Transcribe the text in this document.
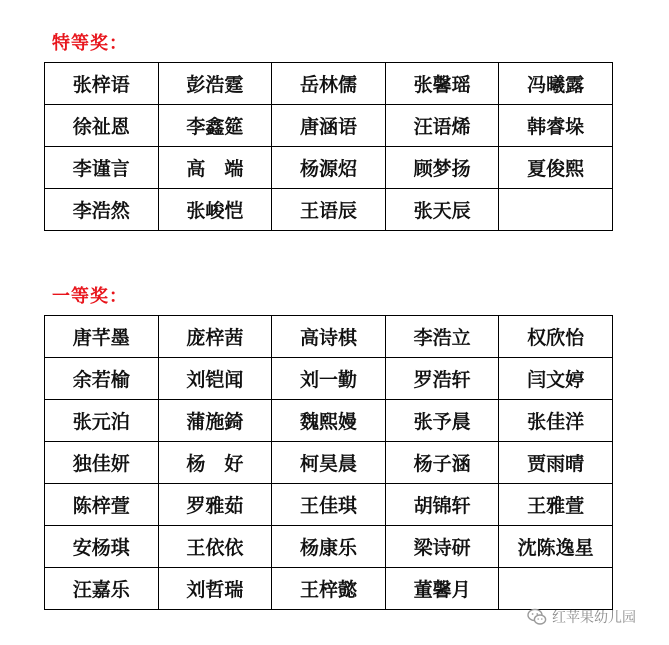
特等奖：
张梓语	彭浩霆	岳林儒	张馨瑶	冯曦露
徐祉恩	李鑫筵	唐涵语	汪语烯	韩睿垛
李谨言	高　端	杨源炤	顾梦扬	夏俊熙
李浩然	张峻恺	王语辰	张天辰	
一等奖：
唐芊墨	庞梓茜	高诗棋	李浩立	权欣怡
余若榆	刘铠闻	刘一勤	罗浩轩	闫文婷
张元泊	蒲施錡	魏熙嫚	张予晨	张佳洋
独佳妍	杨　好	柯昊晨	杨子涵	贾雨晴
陈梓萱	罗雅茹	王佳琪	胡锦轩	王雅萱
安杨琪	王依依	杨康乐	梁诗研	沈陈逸星
汪嘉乐	刘哲瑞	王梓懿	董馨月	
红苹果幼儿园
